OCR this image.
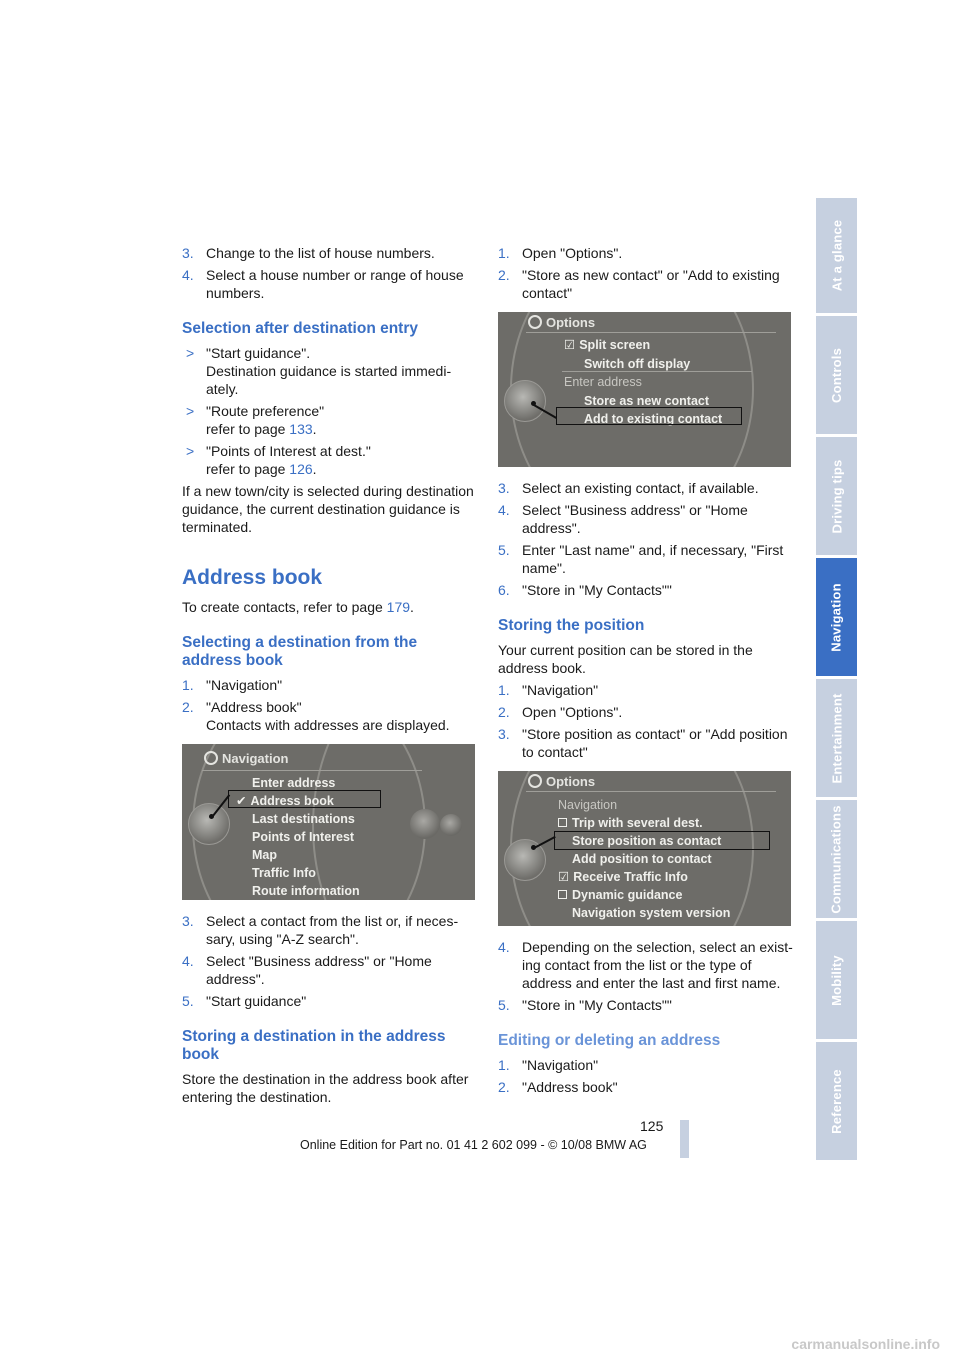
3. Change to the list of house numbers.
4. Select a house number or range of house numbers.
Selection after destination entry
> "Start guidance".
Destination guidance is started immediately.
> "Route preference"
refer to page 133.
> "Points of Interest at dest."
refer to page 126.

If a new town/city is selected during destination guidance, the current destination guidance is terminated.

Address book

To create contacts, refer to page 179.

Selecting a destination from the address book
1. "Navigation"
2. "Address book"
Contacts with addresses are displayed.
Navigation
Enter address
✔ Address book
Last destinations
Points of Interest
Map
Traffic Info
Route information
3. Select a contact from the list or, if necessary, using "A-Z search".
4. Select "Business address" or "Home address".
5. "Start guidance"
Storing a destination in the address book

Store the destination in the address book after entering the destination.

1. Open "Options".
2. "Store as new contact" or "Add to existing contact"
Options
☑ Split screen
Switch off display
Enter address
Store as new contact
Add to existing contact
3. Select an existing contact, if available.
4. Select "Business address" or "Home address".
5. Enter "Last name" and, if necessary, "First name".
6. "Store in "My Contacts""
Storing the position

Your current position can be stored in the address book.

1. "Navigation"
2. Open "Options".
3. "Store position as contact" or "Add position to contact"
Options
Navigation
Trip with several dest.
Store position as contact
Add position to contact
☑ Receive Traffic Info
Dynamic guidance
Navigation system version
4. Depending on the selection, select an existing contact from the list or the type of address and enter the last and first name.
5. "Store in "My Contacts""
Editing or deleting an address
1. "Navigation"
2. "Address book"
At a glance
Controls
Driving tips
Navigation
Entertainment
Communications
Mobility
Reference
125
Online Edition for Part no. 01 41 2 602 099 - © 10/08 BMW AG
carmanualsonline.info
